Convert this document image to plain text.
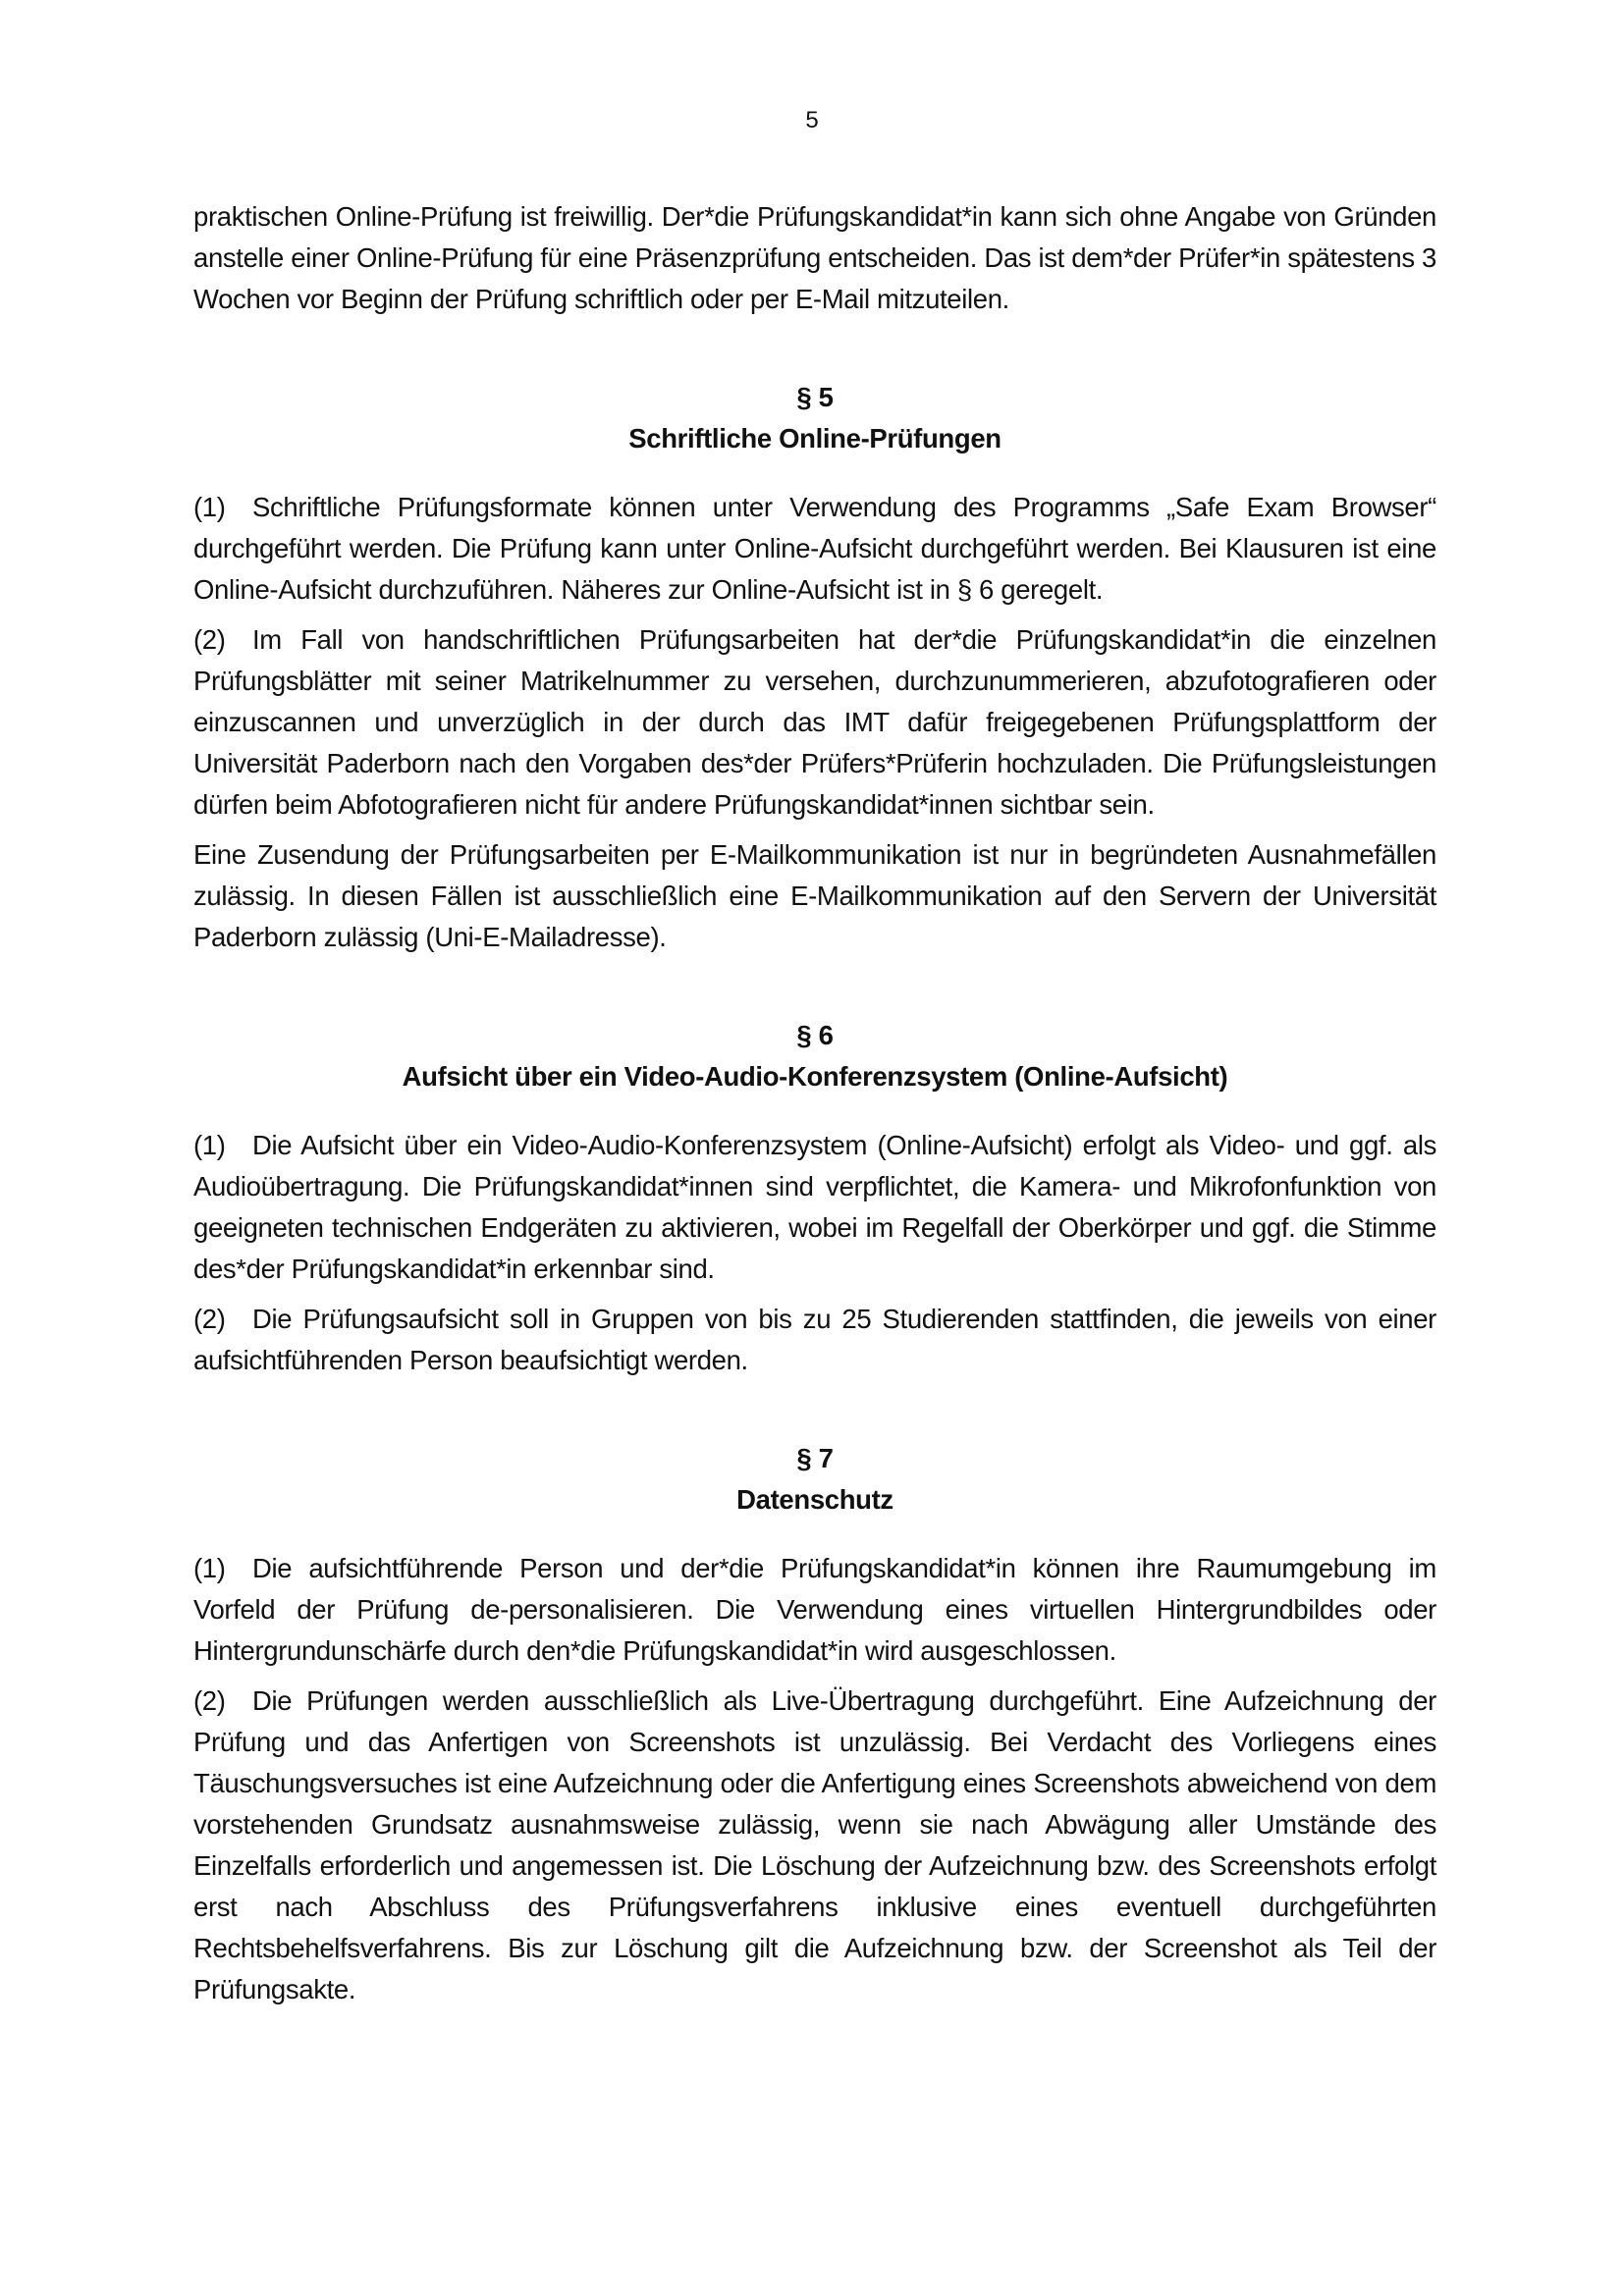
5

praktischen Online-Prüfung ist freiwillig. Der*die Prüfungskandidat*in kann sich ohne Angabe von Gründen anstelle einer Online-Prüfung für eine Präsenzprüfung entscheiden. Das ist dem*der Prüfer*in spätestens 3 Wochen vor Beginn der Prüfung schriftlich oder per E-Mail mitzuteilen.

§ 5
Schriftliche Online-Prüfungen

(1) Schriftliche Prüfungsformate können unter Verwendung des Programms „Safe Exam Browser“ durchgeführt werden. Die Prüfung kann unter Online-Aufsicht durchgeführt werden. Bei Klausuren ist eine Online-Aufsicht durchzuführen. Näheres zur Online-Aufsicht ist in § 6 geregelt.

(2) Im Fall von handschriftlichen Prüfungsarbeiten hat der*die Prüfungskandidat*in die einzelnen Prüfungsblätter mit seiner Matrikelnummer zu versehen, durchzunummerieren, abzufotografieren oder einzuscannen und unverzüglich in der durch das IMT dafür freigegebenen Prüfungsplattform der Universität Paderborn nach den Vorgaben des*der Prüfers*Prüferin hochzuladen. Die Prüfungsleistungen dürfen beim Abfotografieren nicht für andere Prüfungskandidat*innen sichtbar sein.

Eine Zusendung der Prüfungsarbeiten per E-Mailkommunikation ist nur in begründeten Ausnahmefällen zulässig. In diesen Fällen ist ausschließlich eine E-Mailkommunikation auf den Servern der Universität Paderborn zulässig (Uni-E-Mailadresse).

§ 6
Aufsicht über ein Video-Audio-Konferenzsystem (Online-Aufsicht)

(1) Die Aufsicht über ein Video-Audio-Konferenzsystem (Online-Aufsicht) erfolgt als Video- und ggf. als Audioübertragung. Die Prüfungskandidat*innen sind verpflichtet, die Kamera- und Mikrofonfunktion von geeigneten technischen Endgeräten zu aktivieren, wobei im Regelfall der Oberkörper und ggf. die Stimme des*der Prüfungskandidat*in erkennbar sind.

(2) Die Prüfungsaufsicht soll in Gruppen von bis zu 25 Studierenden stattfinden, die jeweils von einer aufsichtführenden Person beaufsichtigt werden.

§ 7
Datenschutz

(1) Die aufsichtführende Person und der*die Prüfungskandidat*in können ihre Raumumgebung im Vorfeld der Prüfung de-personalisieren. Die Verwendung eines virtuellen Hintergrundbildes oder Hintergrundunschärfe durch den*die Prüfungskandidat*in wird ausgeschlossen.

(2) Die Prüfungen werden ausschließlich als Live-Übertragung durchgeführt. Eine Aufzeichnung der Prüfung und das Anfertigen von Screenshots ist unzulässig. Bei Verdacht des Vorliegens eines Täuschungsversuches ist eine Aufzeichnung oder die Anfertigung eines Screenshots abweichend von dem vorstehenden Grundsatz ausnahmsweise zulässig, wenn sie nach Abwägung aller Umstände des Einzelfalls erforderlich und angemessen ist. Die Löschung der Aufzeichnung bzw. des Screenshots erfolgt erst nach Abschluss des Prüfungsverfahrens inklusive eines eventuell durchgeführten Rechtsbehelfsverfahrens. Bis zur Löschung gilt die Aufzeichnung bzw. der Screenshot als Teil der Prüfungsakte.
